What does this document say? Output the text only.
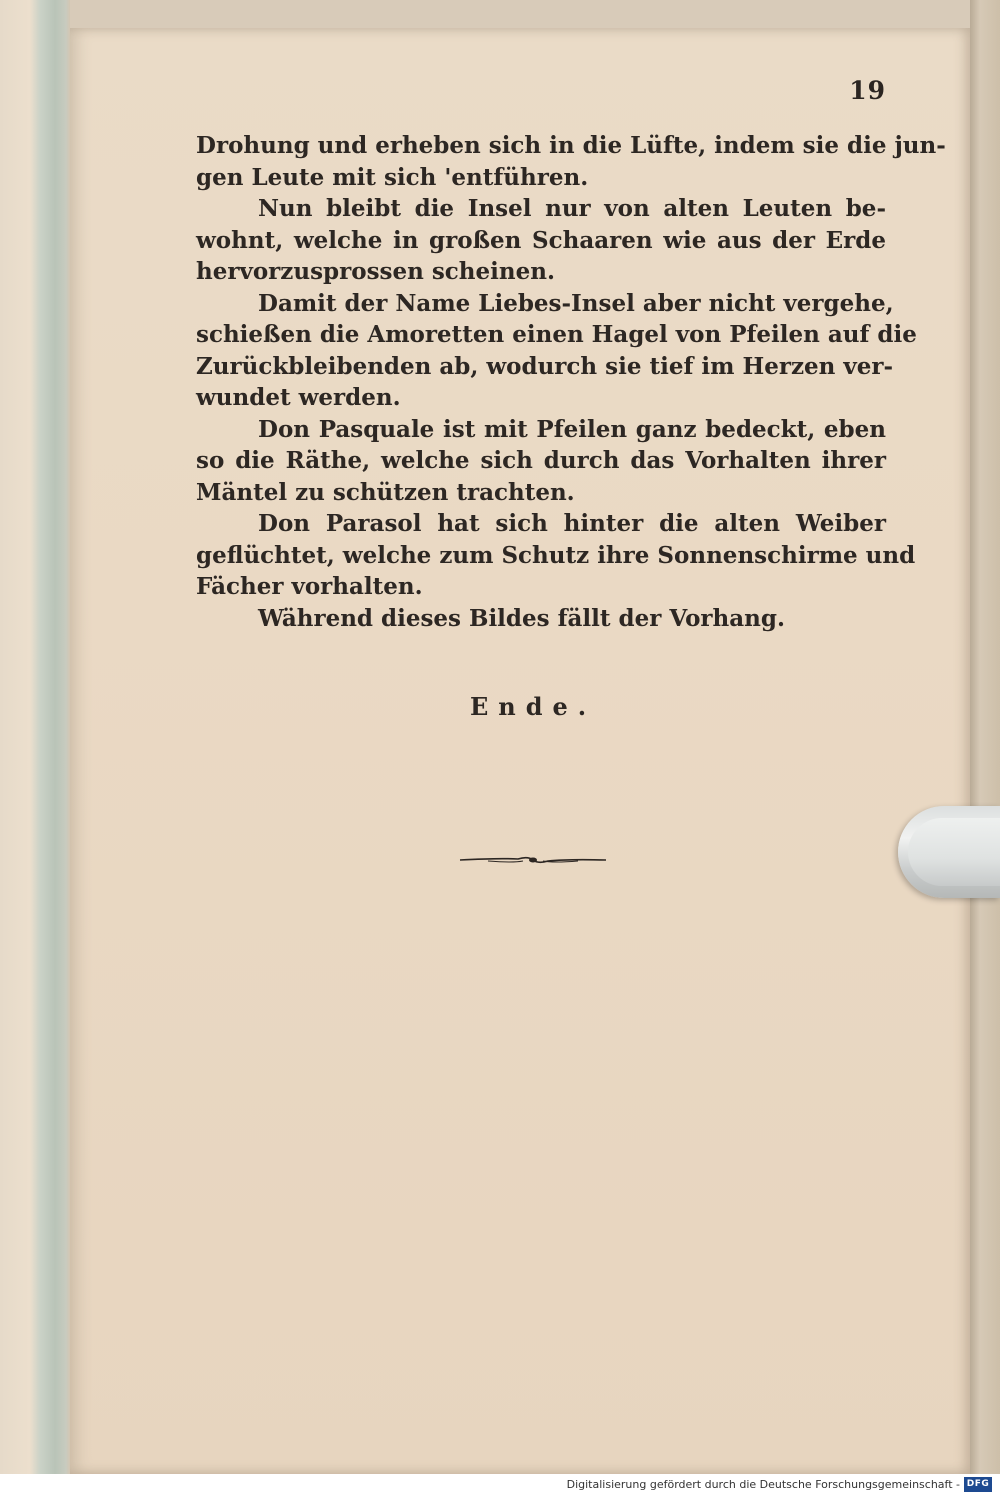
19
Drohung und erheben sich in die Lüfte, indem sie die jun-
gen Leute mit sich 'entführen.
Nun bleibt die Insel nur von alten Leuten be-
wohnt, welche in großen Schaaren wie aus der Erde
hervorzusprossen scheinen.
Damit der Name Liebes-Insel aber nicht vergehe,
schießen die Amoretten einen Hagel von Pfeilen auf die
Zurückbleibenden ab, wodurch sie tief im Herzen ver-
wundet werden.
Don Pasquale ist mit Pfeilen ganz bedeckt, eben
so die Räthe, welche sich durch das Vorhalten ihrer
Mäntel zu schützen trachten.
Don Parasol hat sich hinter die alten Weiber
geflüchtet, welche zum Schutz ihre Sonnenschirme und
Fächer vorhalten.
Während dieses Bildes fällt der Vorhang.
Ende.
Digitalisierung gefördert durch die Deutsche Forschungsgemeinschaft - DFG
